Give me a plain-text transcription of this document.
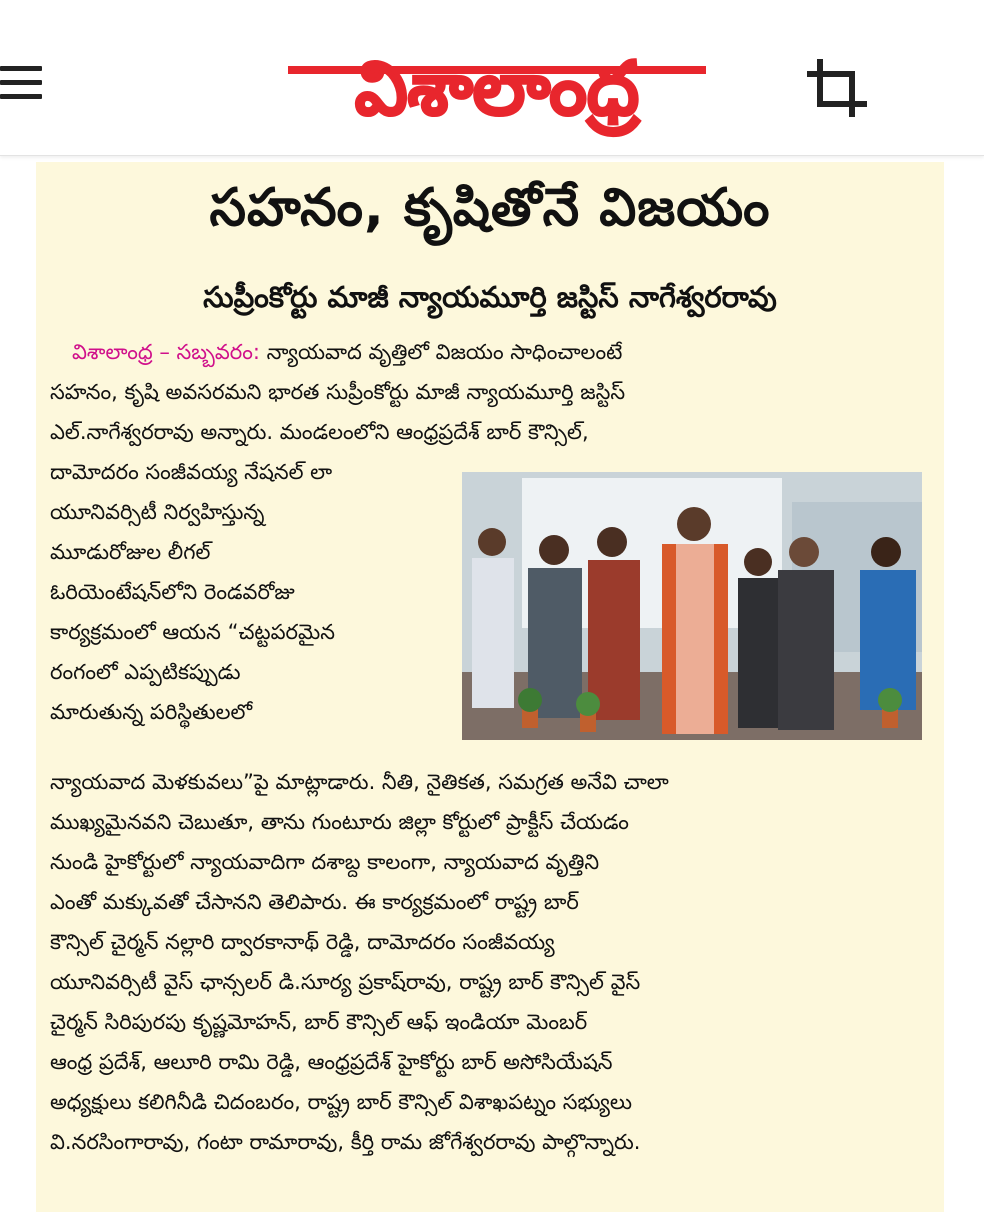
విశాలాంధ్ర
సహనం, కృషితోనే విజయం
సుప్రీంకోర్టు మాజీ న్యాయమూర్తి జస్టిస్ నాగేశ్వరరావు
విశాలాంధ్ర – సబ్బవరం: న్యాయవాద వృత్తిలో విజయం సాధించాలంటే
సహనం, కృషి అవసరమని భారత సుప్రీంకోర్టు మాజీ న్యాయమూర్తి జస్టిస్
ఎల్.నాగేశ్వరరావు అన్నారు. మండలంలోని ఆంధ్రప్రదేశ్ బార్ కౌన్సిల్,
దామోదరం సంజీవయ్య నేషనల్ లా
యూనివర్సిటీ నిర్వహిస్తున్న
మూడురోజుల లీగల్
ఓరియెంటేషన్‌లోని రెండవరోజు
కార్యక్రమంలో ఆయన “చట్టపరమైన
రంగంలో ఎప్పటికప్పుడు
మారుతున్న పరిస్థితులలో
న్యాయవాద మెళకువలు”పై మాట్లాడారు. నీతి, నైతికత, సమగ్రత అనేవి చాలా
ముఖ్యమైనవని చెబుతూ, తాను గుంటూరు జిల్లా కోర్టులో ప్రాక్టీస్ చేయడం
నుండి హైకోర్టులో న్యాయవాదిగా దశాబ్ద కాలంగా, న్యాయవాద వృత్తిని
ఎంతో మక్కువతో చేసానని తెలిపారు. ఈ కార్యక్రమంలో రాష్ట్ర బార్
కౌన్సిల్ చైర్మన్ నల్లారి ద్వారకానాథ్ రెడ్డి, దామోదరం సంజీవయ్య
యూనివర్సిటీ వైస్ ఛాన్సలర్ డి.సూర్య ప్రకాష్‌రావు, రాష్ట్ర బార్ కౌన్సిల్ వైస్
చైర్మన్ సిరిపురపు కృష్ణమోహన్, బార్ కౌన్సిల్ ఆఫ్ ఇండియా మెంబర్
ఆంధ్ర ప్రదేశ్, ఆలూరి రామి రెడ్డి, ఆంధ్రప్రదేశ్ హైకోర్టు బార్ అసోసియేషన్
అధ్యక్షులు కలిగినీడి చిదంబరం, రాష్ట్ర బార్ కౌన్సిల్ విశాఖపట్నం సభ్యులు
వి.నరసింగారావు, గంటా రామారావు, కీర్తి రామ జోగేశ్వరరావు పాల్గొన్నారు.
